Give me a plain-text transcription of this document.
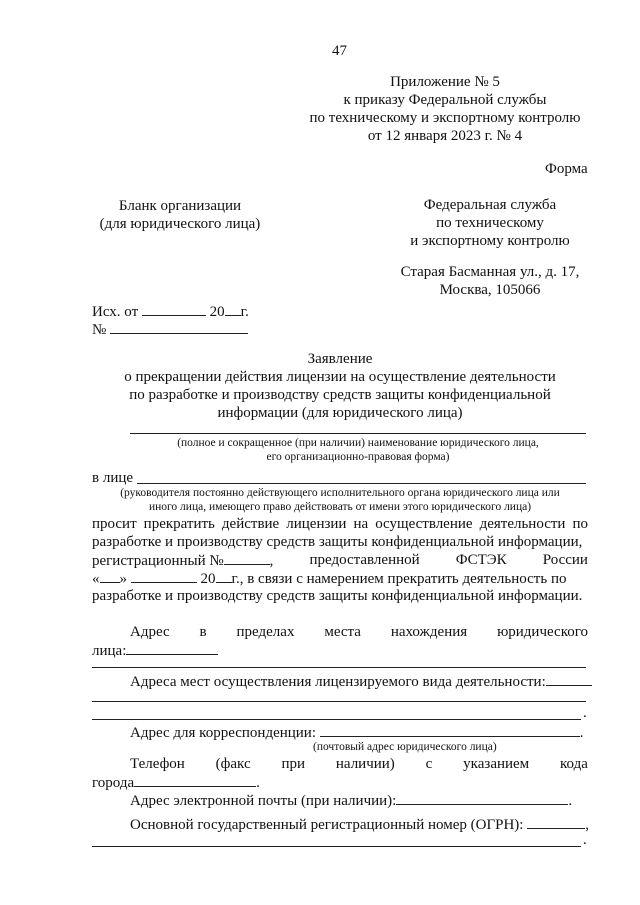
47
Приложение № 5
к приказу Федеральной службы
по техническому и экспортному контролю
от 12 января 2023 г. № 4
Форма
Бланк организации
(для юридического лица)
Федеральная служба
по техническому
и экспортному контролю
Старая Басманная ул., д. 17,
Москва, 105066
Исх. от	20 г.
№
Заявление
о прекращении действия лицензии на осуществление деятельности
по разработке и производству средств защиты конфиденциальной
информации (для юридического лица)
(полное и сокращенное (при наличии) наименование юридического лица,
его организационно-правовая форма)
в лице
(руководителя постоянно действующего исполнительного органа юридического лица или
иного лица, имеющего право действовать от имени этого юридического лица)
просит прекратить действие лицензии на осуществление деятельности по
разработке и производству средств защиты конфиденциальной информации,
регистрационный №	, предоставленной ФСТЭК России
« »	20 г., в связи с намерением прекратить деятельность по
разработке и производству средств защиты конфиденциальной информации.
Адрес в пределах места нахождения юридического
лица:
Адреса мест осуществления лицензируемого вида деятельности:
.
Адрес для корреспонденции:	.
(почтовый адрес юридического лица)
Телефон (факс при наличии) с указанием кода
города	.
Адрес электронной почты (при наличии):	.
Основной государственный регистрационный номер (ОГРН):	,
.
